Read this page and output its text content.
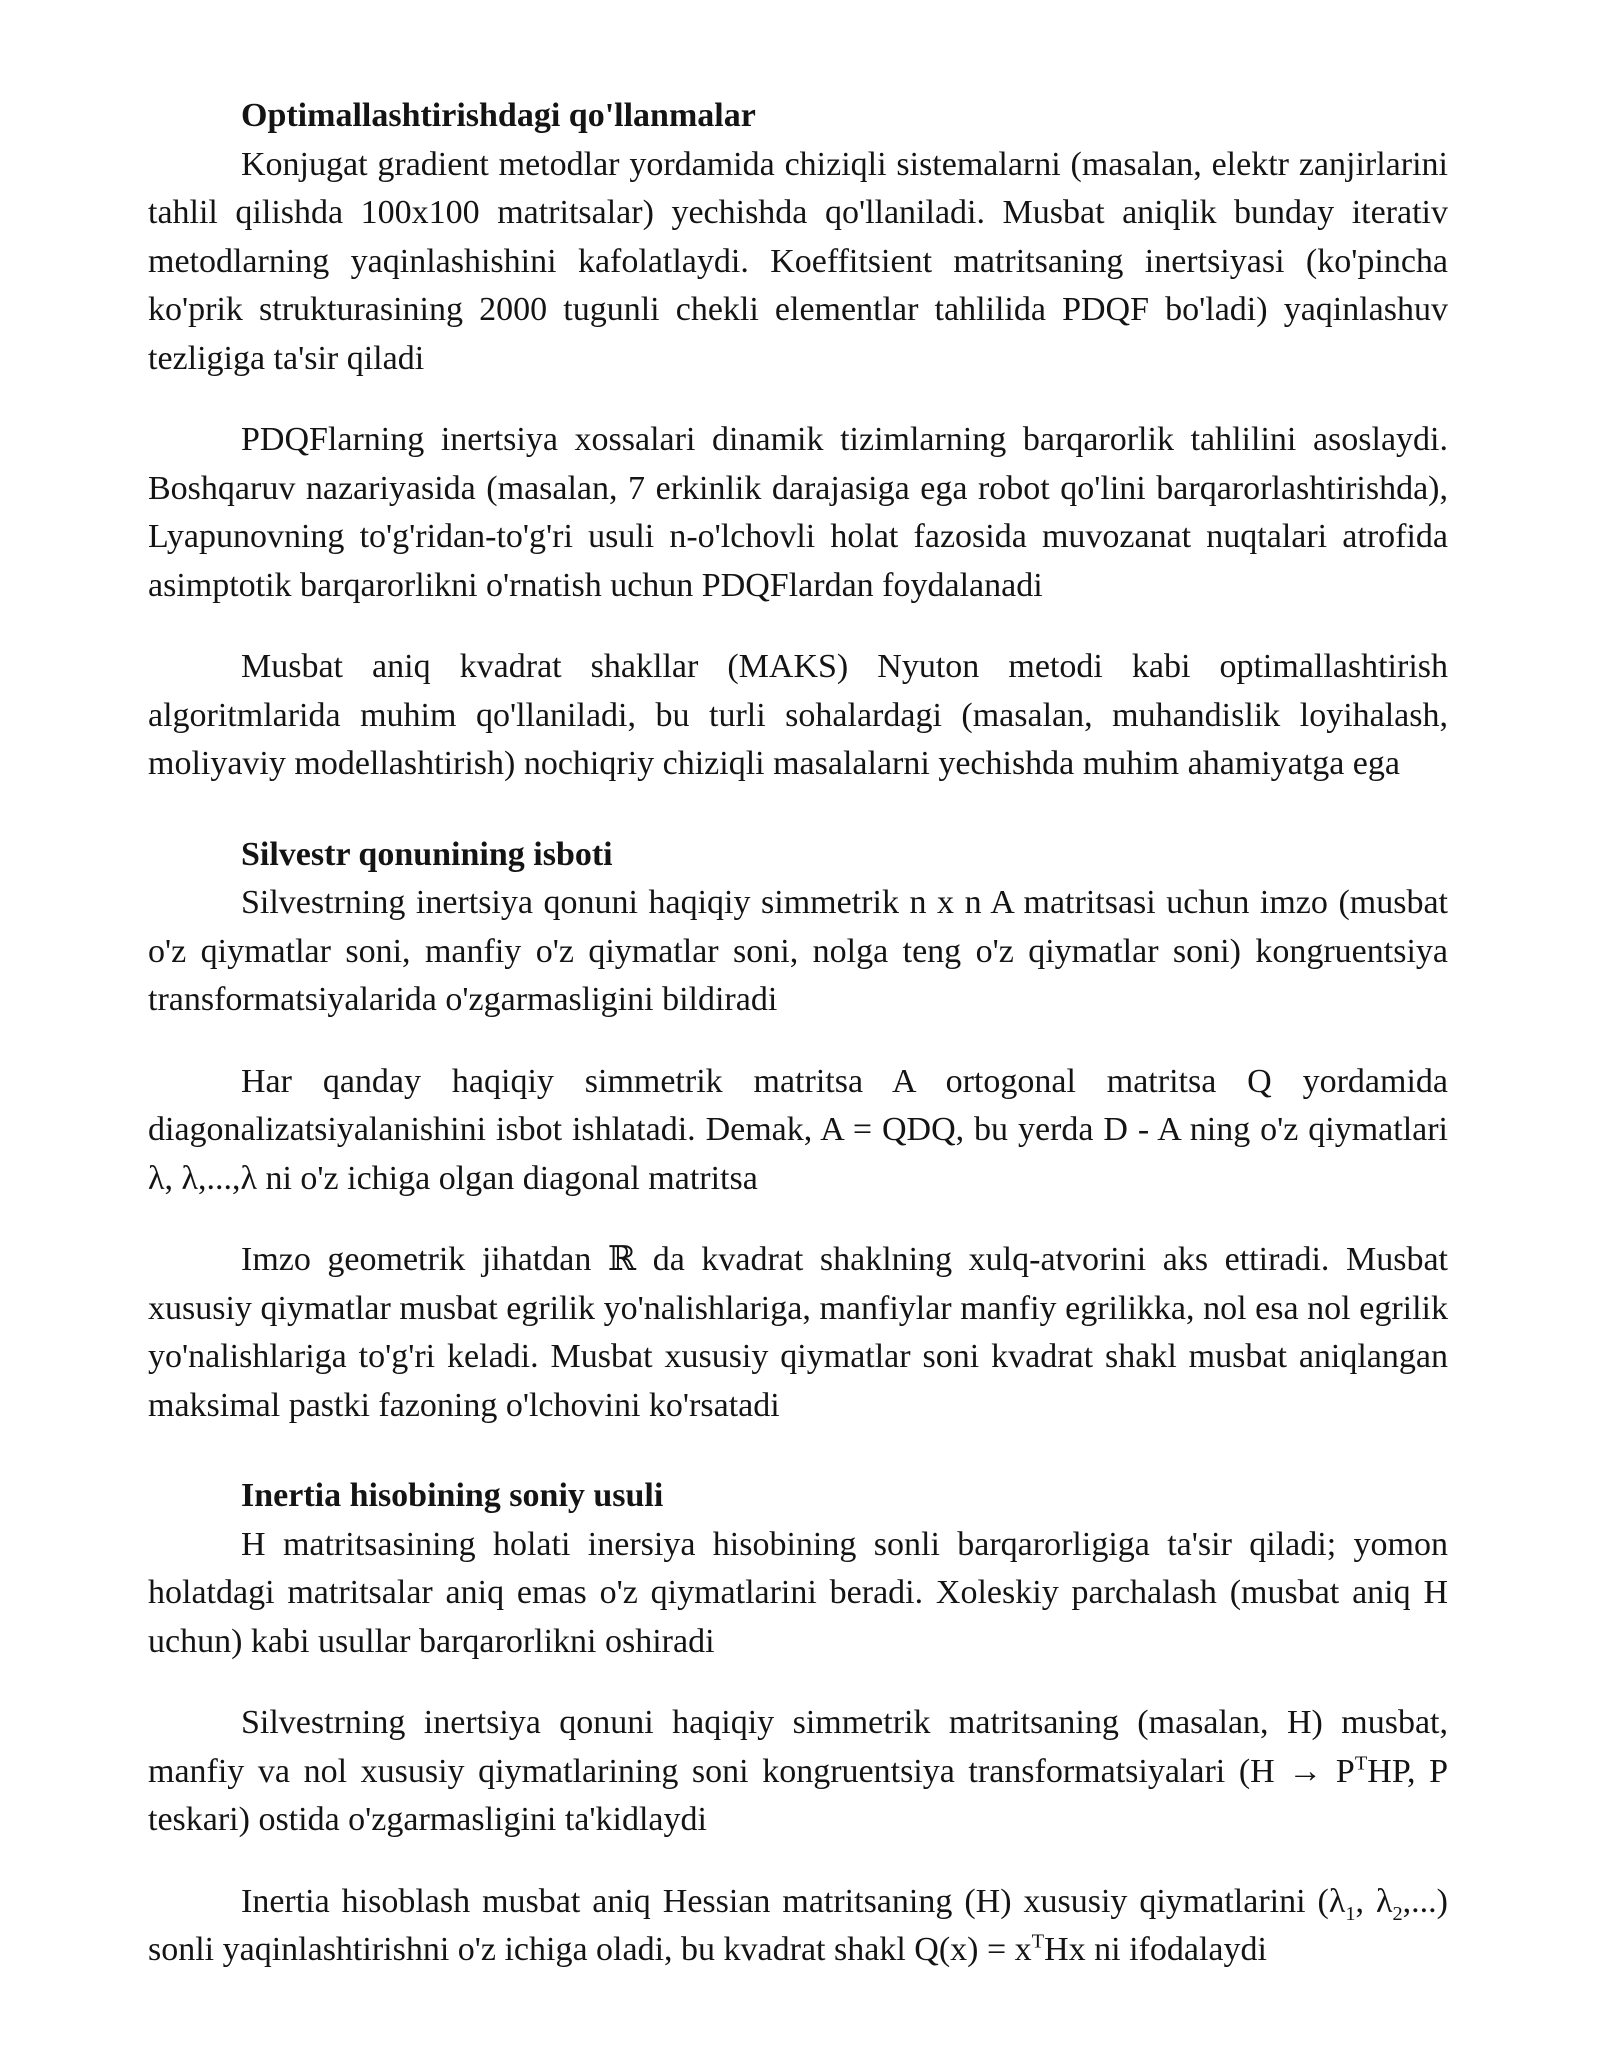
Optimallashtirishdagi qo'llanmalar

Konjugat gradient metodlar yordamida chiziqli sistemalarni (masalan, elektr zanjirlarini tahlil qilishda 100x100 matritsalar) yechishda qo'llaniladi. Musbat aniqlik bunday iterativ metodlarning yaqinlashishini kafolatlaydi. Koeffitsient matritsaning inertsiyasi (ko'pincha ko'prik strukturasining 2000 tugunli chekli elementlar tahlilida PDQF bo'ladi) yaqinlashuv tezligiga ta'sir qiladi

PDQFlarning inertsiya xossalari dinamik tizimlarning barqarorlik tahlilini asoslaydi. Boshqaruv nazariyasida (masalan, 7 erkinlik darajasiga ega robot qo'lini barqarorlashtirishda), Lyapunovning to'g'ridan-to'g'ri usuli n-o'lchovli holat fazosida muvozanat nuqtalari atrofida asimptotik barqarorlikni o'rnatish uchun PDQFlardan foydalanadi

Musbat aniq kvadrat shakllar (MAKS) Nyuton metodi kabi optimallashtirish algoritmlarida muhim qo'llaniladi, bu turli sohalardagi (masalan, muhandislik loyihalash, moliyaviy modellashtirish) nochiqriy chiziqli masalalarni yechishda muhim ahamiyatga ega

Silvestr qonunining isboti

Silvestrning inertsiya qonuni haqiqiy simmetrik n x n A matritsasi uchun imzo (musbat o'z qiymatlar soni, manfiy o'z qiymatlar soni, nolga teng o'z qiymatlar soni) kongruentsiya transformatsiyalarida o'zgarmasligini bildiradi

Har qanday haqiqiy simmetrik matritsa A ortogonal matritsa Q yordamida diagonalizatsiyalanishini isbot ishlatadi. Demak, A = QDQ, bu yerda D - A ning o'z qiymatlari λ, λ,...,λ ni o'z ichiga olgan diagonal matritsa

Imzo geometrik jihatdan ℝ da kvadrat shaklning xulq-atvorini aks ettiradi. Musbat xususiy qiymatlar musbat egrilik yo'nalishlariga, manfiylar manfiy egrilikka, nol esa nol egrilik yo'nalishlariga to'g'ri keladi. Musbat xususiy qiymatlar soni kvadrat shakl musbat aniqlangan maksimal pastki fazoning o'lchovini ko'rsatadi

Inertia hisobining soniy usuli

H matritsasining holati inersiya hisobining sonli barqarorligiga ta'sir qiladi; yomon holatdagi matritsalar aniq emas o'z qiymatlarini beradi. Xoleskiy parchalash (musbat aniq H uchun) kabi usullar barqarorlikni oshiradi

Silvestrning inertsiya qonuni haqiqiy simmetrik matritsaning (masalan, H) musbat, manfiy va nol xususiy qiymatlarining soni kongruentsiya transformatsiyalari ($H \to P^THP$, P teskari) ostida o'zgarmasligini ta'kidlaydi

Inertia hisoblash musbat aniq Hessian matritsaning (H) xususiy qiymatlarini ($\lambda_1$, $\lambda_2$,...) sonli yaqinlashtirishni o'z ichiga oladi, bu kvadrat shakl $Q(x) = x^THx$ ni ifodalaydi
